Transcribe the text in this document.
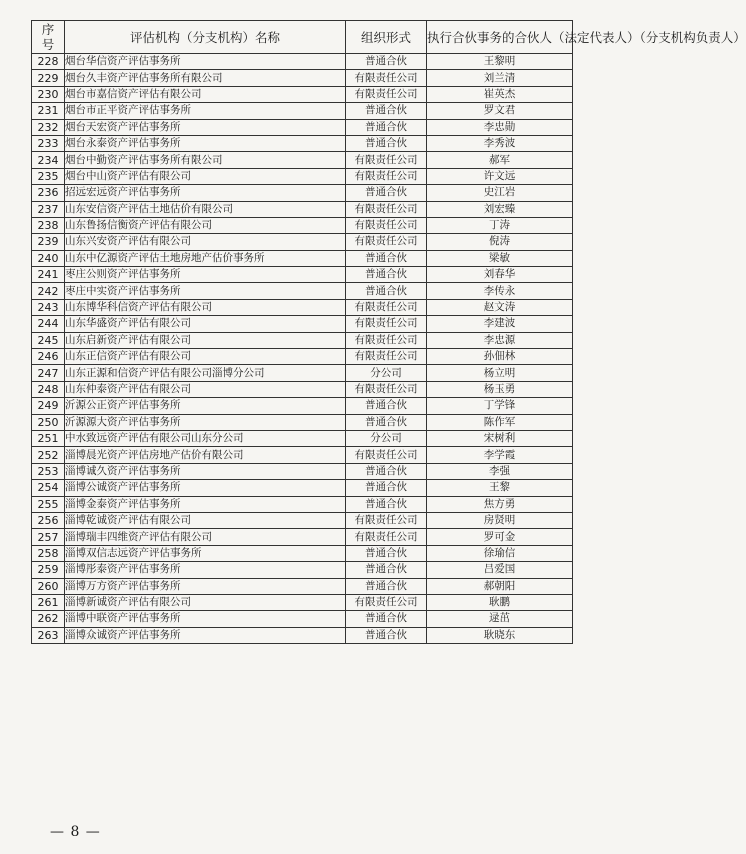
序
号	评估机构（分支机构）名称	组织形式	执行合伙事务的合伙人（法定代表人）（分支机构负责人）
228	烟台华信资产评估事务所	普通合伙	王黎明
229	烟台久丰资产评估事务所有限公司	有限责任公司	刘兰清
230	烟台市嘉信资产评估有限公司	有限责任公司	崔英杰
231	烟台市正平资产评估事务所	普通合伙	罗文君
232	烟台天宏资产评估事务所	普通合伙	李忠勋
233	烟台永泰资产评估事务所	普通合伙	李秀波
234	烟台中勤资产评估事务所有限公司	有限责任公司	郝军
235	烟台中山资产评估有限公司	有限责任公司	许文远
236	招远宏远资产评估事务所	普通合伙	史江岩
237	山东安信资产评估土地估价有限公司	有限责任公司	刘宏臻
238	山东鲁扬信衡资产评估有限公司	有限责任公司	丁涛
239	山东兴安资产评估有限公司	有限责任公司	倪涛
240	山东中亿源资产评估土地房地产估价事务所	普通合伙	梁敏
241	枣庄公则资产评估事务所	普通合伙	刘春华
242	枣庄中实资产评估事务所	普通合伙	李传永
243	山东博华科信资产评估有限公司	有限责任公司	赵文涛
244	山东华盛资产评估有限公司	有限责任公司	李建波
245	山东启新资产评估有限公司	有限责任公司	李忠源
246	山东正信资产评估有限公司	有限责任公司	孙佃林
247	山东正源和信资产评估有限公司淄博分公司	分公司	杨立明
248	山东仲泰资产评估有限公司	有限责任公司	杨玉勇
249	沂源公正资产评估事务所	普通合伙	丁学锋
250	沂源源大资产评估事务所	普通合伙	陈作军
251	中水致远资产评估有限公司山东分公司	分公司	宋树利
252	淄博晨光资产评估房地产估价有限公司	有限责任公司	李学霞
253	淄博诚久资产评估事务所	普通合伙	李强
254	淄博公诚资产评估事务所	普通合伙	王黎
255	淄博金泰资产评估事务所	普通合伙	焦方勇
256	淄博乾诚资产评估有限公司	有限责任公司	房贤明
257	淄博瑞丰四维资产评估有限公司	有限责任公司	罗可金
258	淄博双信志远资产评估事务所	普通合伙	徐瑜信
259	淄博彤泰资产评估事务所	普通合伙	吕爱国
260	淄博万方资产评估事务所	普通合伙	郝朝阳
261	淄博新诚资产评估有限公司	有限责任公司	耿鹏
262	淄博中联资产评估事务所	普通合伙	逯茁
263	淄博众诚资产评估事务所	普通合伙	耿晓东
— 8 —
